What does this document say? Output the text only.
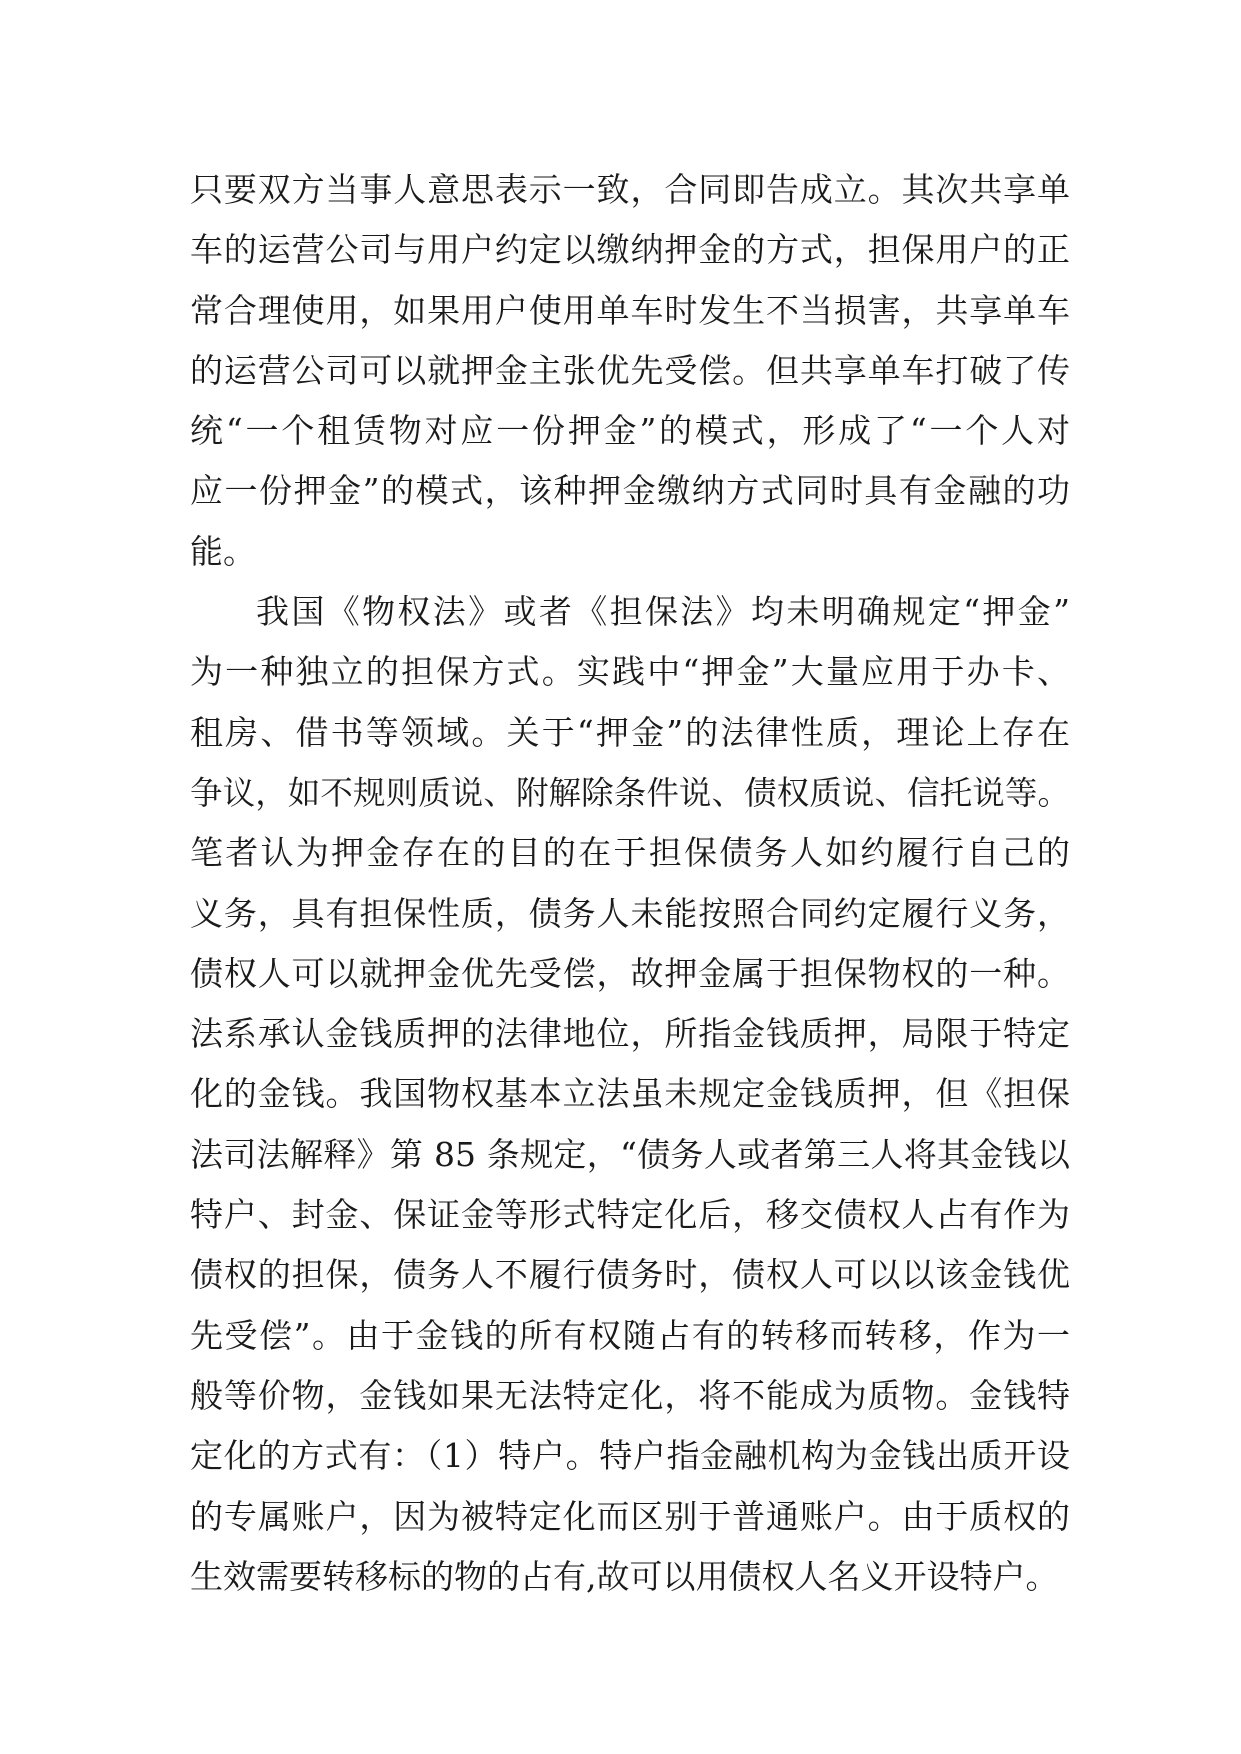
只要双方当事人意思表示一致，合同即告成立。其次共享单
车的运营公司与用户约定以缴纳押金的方式，担保用户的正
常合理使用，如果用户使用单车时发生不当损害，共享单车
的运营公司可以就押金主张优先受偿。但共享单车打破了传
统“一个租赁物对应一份押金”的模式，形成了“一个人对
应一份押金”的模式，该种押金缴纳方式同时具有金融的功
能。
我国《物权法》或者《担保法》均未明确规定“押金”
为一种独立的担保方式。实践中“押金”大量应用于办卡、
租房、借书等领域。关于“押金”的法律性质，理论上存在
争议，如不规则质说、附解除条件说、债权质说、信托说等。
笔者认为押金存在的目的在于担保债务人如约履行自己的
义务，具有担保性质，债务人未能按照合同约定履行义务，
债权人可以就押金优先受偿，故押金属于担保物权的一种。
法系承认金钱质押的法律地位，所指金钱质押，局限于特定
化的金钱。我国物权基本立法虽未规定金钱质押，但《担保
法司法解释》第 85 条规定，“债务人或者第三人将其金钱以
特户、封金、保证金等形式特定化后，移交债权人占有作为
债权的担保，债务人不履行债务时，债权人可以以该金钱优
先受偿”。由于金钱的所有权随占有的转移而转移，作为一
般等价物，金钱如果无法特定化，将不能成为质物。金钱特
定化的方式有：（1）特户。特户指金融机构为金钱出质开设
的专属账户，因为被特定化而区别于普通账户。由于质权的
生效需要转移标的物的占有,故可以用债权人名义开设特户。
